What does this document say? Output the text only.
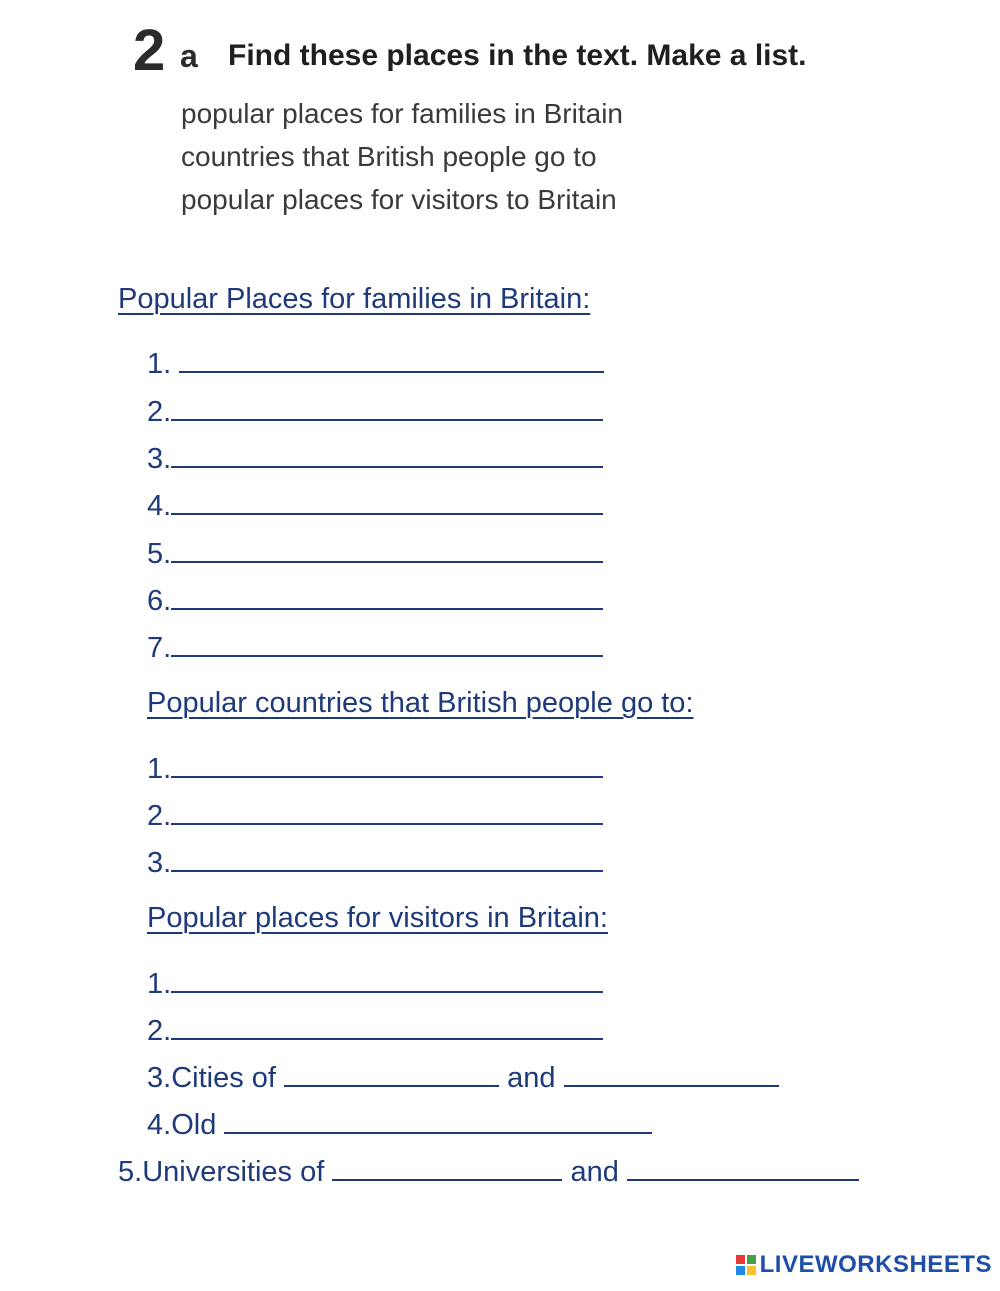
2 a Find these places in the text. Make a list.
popular places for families in Britain
countries that British people go to
popular places for visitors to Britain
Popular Places for families in Britain:
1.
2.
3.
4.
5.
6.
7.
Popular countries that British people go to:
1.
2.
3.
Popular places for visitors in Britain:
1.
2.
3.Cities of	and
4.Old
5.Universities of	and
LIVEWORKSHEETS
